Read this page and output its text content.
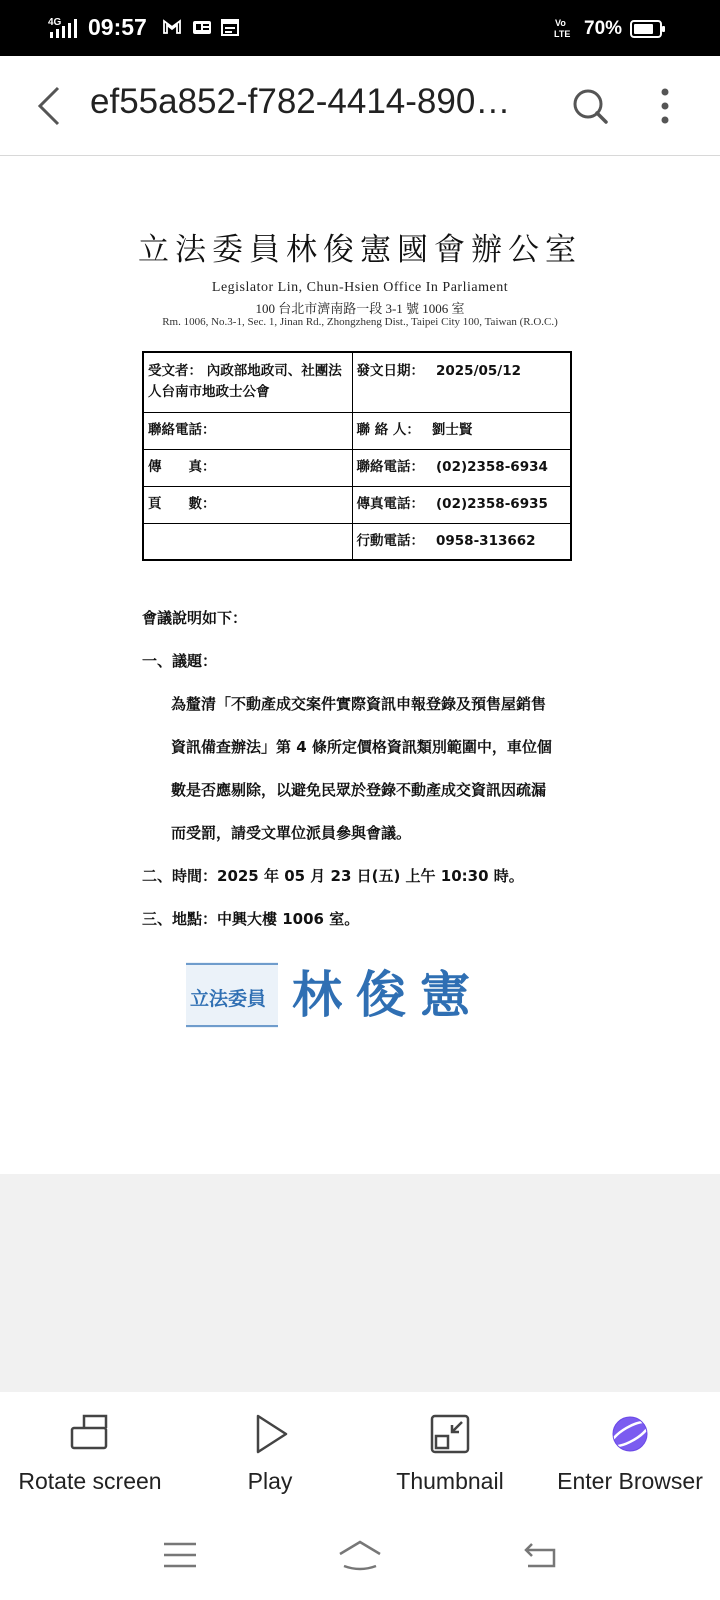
4G 09:57	Vo
LTE 70%
ef55a852-f782-4414-890…
立法委員林俊憲國會辦公室
Legislator Lin, Chun-Hsien Office In Parliament
100 台北市濟南路一段 3-1 號 1006 室
Rm. 1006, No.3-1, Sec. 1, Jinan Rd., Zhongzheng Dist., Taipei City 100, Taiwan (R.O.C.)
受文者： 內政部地政司、社團法人台南市地政士公會	發文日期： 2025/05/12
聯絡電話：	聯 絡 人： 劉士賢
傳　　真：	聯絡電話： (02)2358-6934
頁　　數：	傳真電話： (02)2358-6935
	行動電話： 0958-313662
會議說明如下：
一、議題：
為釐清「不動產成交案件實際資訊申報登錄及預售屋銷售
資訊備查辦法」第 4 條所定價格資訊類別範圍中，車位個
數是否應剔除，以避免民眾於登錄不動產成交資訊因疏漏
而受罰，請受文單位派員參與會議。
二、時間：2025 年 05 月 23 日(五) 上午 10:30 時。
三、地點：中興大樓 1006 室。
立法委員 林俊憲
Rotate screen	Play	Thumbnail	Enter Browser
